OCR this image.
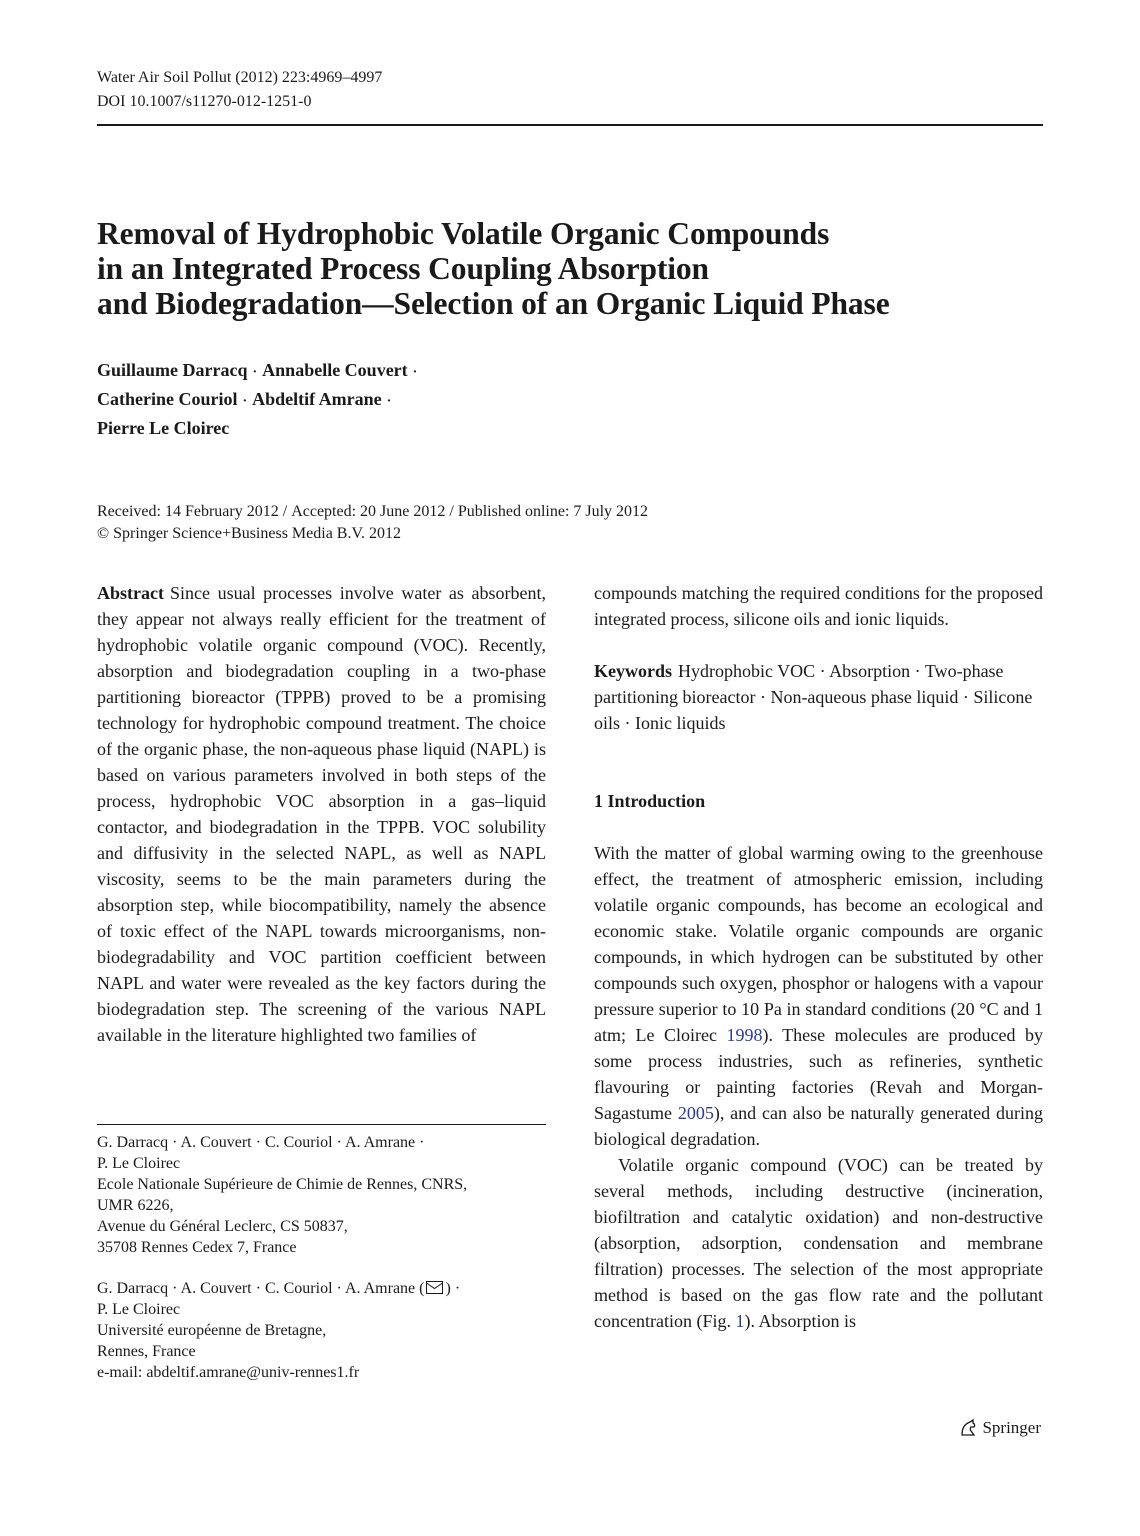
Water Air Soil Pollut (2012) 223:4969–4997
DOI 10.1007/s11270-012-1251-0
Removal of Hydrophobic Volatile Organic Compounds
in an Integrated Process Coupling Absorption
and Biodegradation—Selection of an Organic Liquid Phase
Guillaume Darracq · Annabelle Couvert ·
Catherine Couriol · Abdeltif Amrane ·
Pierre Le Cloirec
Received: 14 February 2012 / Accepted: 20 June 2012 / Published online: 7 July 2012
© Springer Science+Business Media B.V. 2012

Abstract Since usual processes involve water as absorbent, they appear not always really efficient for the treatment of hydrophobic volatile organic compound (VOC). Recently, absorption and biodegradation coupling in a two-phase partitioning bioreactor (TPPB) proved to be a promising technology for hydrophobic compound treatment. The choice of the organic phase, the non-aqueous phase liquid (NAPL) is based on various parameters involved in both steps of the process, hydrophobic VOC absorption in a gas–liquid contactor, and biodegradation in the TPPB. VOC solubility and diffusivity in the selected NAPL, as well as NAPL viscosity, seems to be the main parameters during the absorption step, while biocompatibility, namely the absence of toxic effect of the NAPL towards microorganisms, non-biodegradability and VOC partition coefficient between NAPL and water were revealed as the key factors during the biodegradation step. The screening of the various NAPL available in the literature highlighted two families of

compounds matching the required conditions for the proposed integrated process, silicone oils and ionic liquids.

Keywords Hydrophobic VOC · Absorption · Two-phase partitioning bioreactor · Non-aqueous phase liquid · Silicone oils · Ionic liquids

1 Introduction

With the matter of global warming owing to the greenhouse effect, the treatment of atmospheric emission, including volatile organic compounds, has become an ecological and economic stake. Volatile organic compounds are organic compounds, in which hydrogen can be substituted by other compounds such oxygen, phosphor or halogens with a vapour pressure superior to 10 Pa in standard conditions (20 °C and 1 atm; Le Cloirec 1998). These molecules are produced by some process industries, such as refineries, synthetic flavouring or painting factories (Revah and Morgan-Sagastume 2005), and can also be naturally generated during biological degradation.

Volatile organic compound (VOC) can be treated by several methods, including destructive (incineration, biofiltration and catalytic oxidation) and non-destructive (absorption, adsorption, condensation and membrane filtration) processes. The selection of the most appropriate method is based on the gas flow rate and the pollutant concentration (Fig. 1). Absorption is

G. Darracq · A. Couvert · C. Couriol · A. Amrane ·
P. Le Cloirec
Ecole Nationale Supérieure de Chimie de Rennes, CNRS,
UMR 6226,
Avenue du Général Leclerc, CS 50837,
35708 Rennes Cedex 7, France
G. Darracq · A. Couvert · C. Couriol · A. Amrane ( ) ·
P. Le Cloirec
Université européenne de Bretagne,
Rennes, France
e-mail: abdeltif.amrane@univ-rennes1.fr
Springer
